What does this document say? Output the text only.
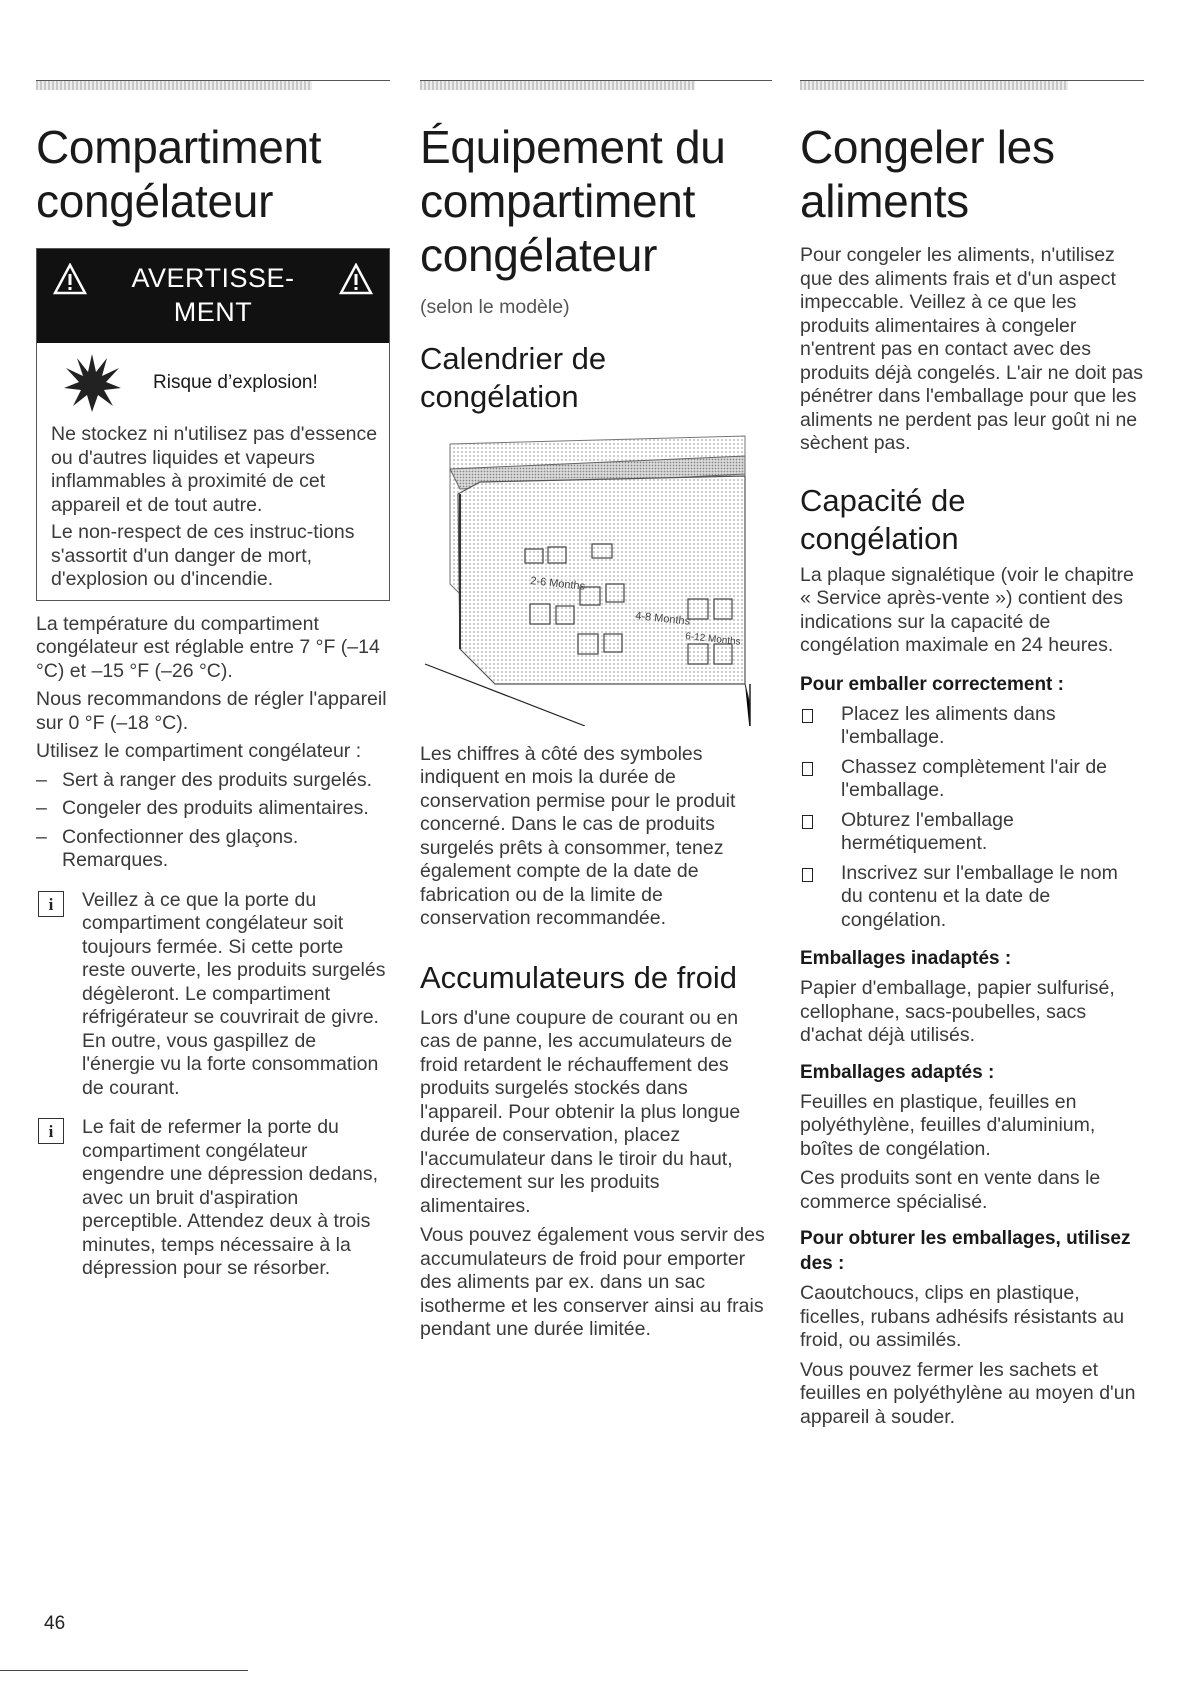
Compartiment
congélateur
AVERTISSE-
MENT
Risque d’explosion!

Ne stockez ni n'utilisez pas d'essence ou d'autres liquides et vapeurs inflammables à proximité de cet appareil et de tout autre.

Le non-respect de ces instruc-tions s'assortit d'un danger de mort, d'explosion ou d'incendie.

La température du compartiment congélateur est réglable entre 7 °F (–14 °C) et –15 °F (–26 °C).

Nous recommandons de régler l'appareil sur 0 °F (–18 °C).

Utilisez le compartiment congélateur :

– Sert à ranger des produits surgelés.
– Congeler des produits alimentaires.
– Confectionner des glaçons. Remarques.
i	Veillez à ce que la porte du compartiment congélateur soit toujours fermée. Si cette porte reste ouverte, les produits surgelés dégèleront. Le compartiment réfrigérateur se couvrirait de givre. En outre, vous gaspillez de l'énergie vu la forte consommation de courant.

i	Le fait de refermer la porte du compartiment congélateur engendre une dépression dedans, avec un bruit d'aspiration perceptible. Attendez deux à trois minutes, temps nécessaire à la dépression pour se résorber.

Équipement du
compartiment
congélateur

(selon le modèle)

Calendrier de
congélation
2-6 Months
4-8 Months
6-12 Months

Les chiffres à côté des symboles indiquent en mois la durée de conservation permise pour le produit concerné. Dans le cas de produits surgelés prêts à consommer, tenez également compte de la date de fabrication ou de la limite de conservation recommandée.

Accumulateurs de froid

Lors d'une coupure de courant ou en cas de panne, les accumulateurs de froid retardent le réchauffement des produits surgelés stockés dans l'appareil. Pour obtenir la plus longue durée de conservation, placez l'accumulateur dans le tiroir du haut, directement sur les produits alimentaires.

Vous pouvez également vous servir des accumulateurs de froid pour emporter des aliments par ex. dans un sac isotherme et les conserver ainsi au frais pendant une durée limitée.

Congeler les
aliments

Pour congeler les aliments, n'utilisez que des aliments frais et d'un aspect impeccable. Veillez à ce que les produits alimentaires à congeler n'entrent pas en contact avec des produits déjà congelés. L'air ne doit pas pénétrer dans l'emballage pour que les aliments ne perdent pas leur goût ni ne sèchent pas.

Capacité de
congélation

La plaque signalétique (voir le chapitre « Service après-vente ») contient des indications sur la capacité de congélation maximale en 24 heures.

Pour emballer correctement :
Placez les aliments dans l'emballage.
Chassez complètement l'air de l'emballage.
Obturez l'emballage hermétiquement.
Inscrivez sur l'emballage le nom du contenu et la date de congélation.
Emballages inadaptés :

Papier d'emballage, papier sulfurisé, cellophane, sacs-poubelles, sacs d'achat déjà utilisés.

Emballages adaptés :

Feuilles en plastique, feuilles en polyéthylène, feuilles d'aluminium, boîtes de congélation.

Ces produits sont en vente dans le commerce spécialisé.

Pour obturer les emballages, utilisez des :

Caoutchoucs, clips en plastique, ficelles, rubans adhésifs résistants au froid, ou assimilés.

Vous pouvez fermer les sachets et feuilles en polyéthylène au moyen d'un appareil à souder.

46
